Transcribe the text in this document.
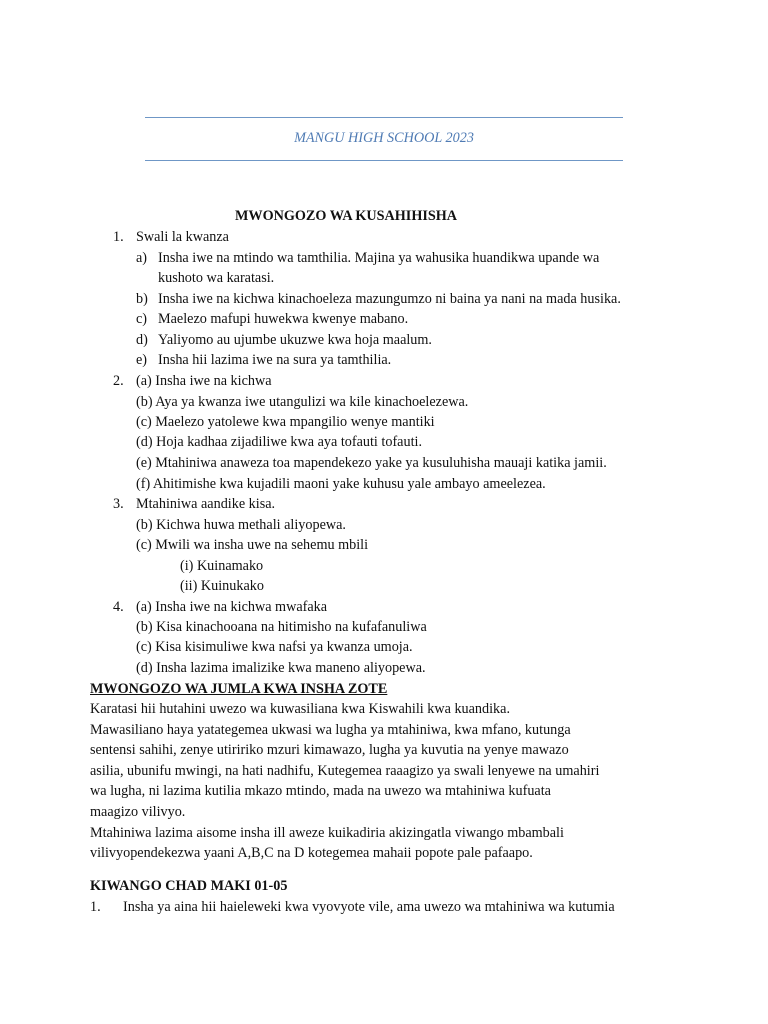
MANGU HIGH SCHOOL 2023
MWONGOZO WA KUSAHIHISHA
1. Swali la kwanza
a) Insha iwe na mtindo wa tamthilia. Majina ya wahusika huandikwa upande wa
kushoto wa karatasi.
b) Insha iwe na kichwa kinachoeleza mazungumzo ni baina ya nani na mada husika.
c) Maelezo mafupi huwekwa kwenye mabano.
d) Yaliyomo au ujumbe ukuzwe kwa hoja maalum.
e) Insha hii lazima iwe na sura ya tamthilia.
2. (a) Insha iwe na kichwa
(b) Aya ya kwanza iwe utangulizi wa kile kinachoelezewa.
(c) Maelezo yatolewe kwa mpangilio wenye mantiki
(d) Hoja kadhaa zijadiliwe kwa aya tofauti tofauti.
(e) Mtahiniwa anaweza toa mapendekezo yake ya kusuluhisha mauaji katika jamii.
(f) Ahitimishe kwa kujadili maoni yake kuhusu yale ambayo ameelezea.
3. Mtahiniwa aandike kisa.
(b) Kichwa huwa methali aliyopewa.
(c) Mwili wa insha uwe na sehemu mbili
(i) Kuinamako
(ii) Kuinukako
4. (a) Insha iwe na kichwa mwafaka
(b) Kisa kinachooana na hitimisho na kufafanuliwa
(c) Kisa kisimuliwe kwa nafsi ya kwanza umoja.
(d) Insha lazima imalizike kwa maneno aliyopewa.
MWONGOZO WA JUMLA KWA INSHA ZOTE
Karatasi hii hutahini uwezo wa kuwasiliana kwa Kiswahili kwa kuandika.
Mawasiliano haya yatategemea ukwasi wa lugha ya mtahiniwa, kwa mfano, kutunga
sentensi sahihi, zenye utiririko mzuri kimawazo, lugha ya kuvutia na yenye mawazo
asilia, ubunifu mwingi, na hati nadhifu, Kutegemea raaagizo ya swali lenyewe na umahiri
wa lugha, ni lazima kutilia mkazo mtindo, mada na uwezo wa mtahiniwa kufuata
maagizo vilivyo.
Mtahiniwa lazima aisome insha ill aweze kuikadiria akizingatla viwango mbambali
vilivyopendekezwa yaani A,B,C na D kotegemea mahaii popote pale pafaapo.
KIWANGO CHAD MAKI 01-05
1. Insha ya aina hii haieleweki kwa vyovyote vile, ama uwezo wa mtahiniwa wa kutumia
